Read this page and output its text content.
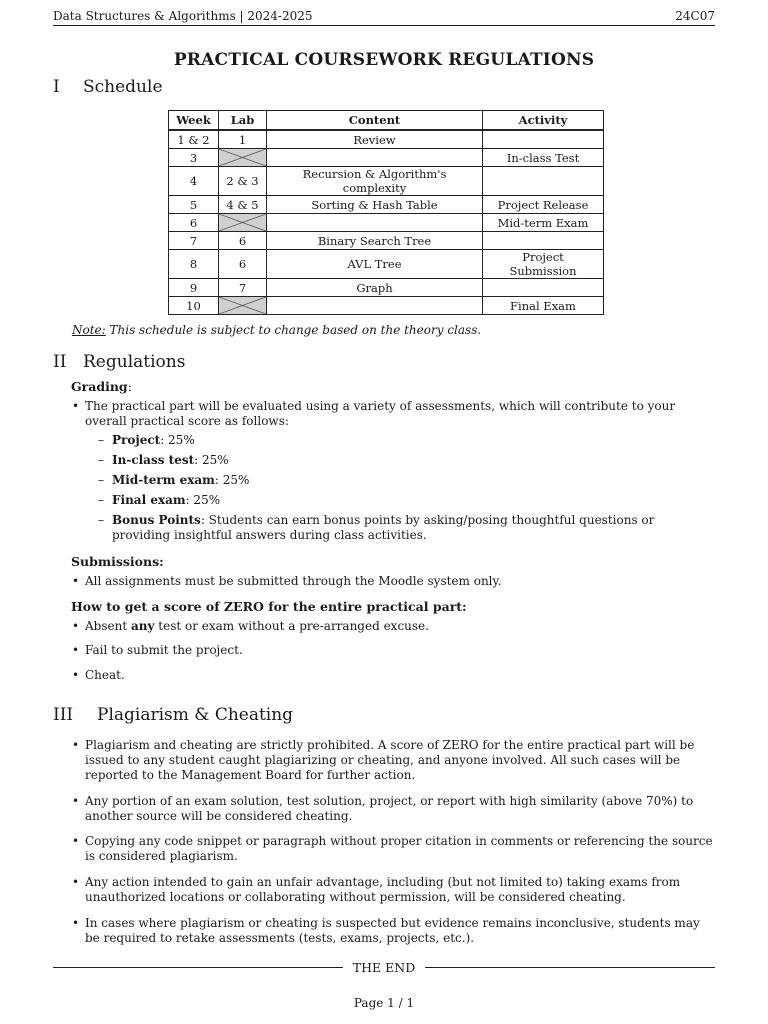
Data Structures & Algorithms | 2024-2025	24C07
PRACTICAL COURSEWORK REGULATIONS
I Schedule
Week	Lab	Content	Activity
1 & 2	1	Review	
3			In-class Test
4	2 & 3	Recursion & Algorithm's complexity	
5	4 & 5	Sorting & Hash Table	Project Release
6			Mid-term Exam
7	6	Binary Search Tree	
8	6	AVL Tree	Project Submission
9	7	Graph	
10			Final Exam
Note: This schedule is subject to change based on the theory class.
II Regulations
Grading:
• The practical part will be evaluated using a variety of assessments, which will contribute to your overall practical score as follows:
– Project: 25%
– In-class test: 25%
– Mid-term exam: 25%
– Final exam: 25%
– Bonus Points: Students can earn bonus points by asking/posing thoughtful questions or providing insightful answers during class activities.
Submissions:
• All assignments must be submitted through the Moodle system only.
How to get a score of ZERO for the entire practical part:
• Absent any test or exam without a pre-arranged excuse.
• Fail to submit the project.
• Cheat.
III Plagiarism & Cheating
• Plagiarism and cheating are strictly prohibited. A score of ZERO for the entire practical part will be issued to any student caught plagiarizing or cheating, and anyone involved. All such cases will be reported to the Management Board for further action.
• Any portion of an exam solution, test solution, project, or report with high similarity (above 70%) to another source will be considered cheating.
• Copying any code snippet or paragraph without proper citation in comments or referencing the source is considered plagiarism.
• Any action intended to gain an unfair advantage, including (but not limited to) taking exams from unauthorized locations or collaborating without permission, will be considered cheating.
• In cases where plagiarism or cheating is suspected but evidence remains inconclusive, students may be required to retake assessments (tests, exams, projects, etc.).
THE END
Page 1 / 1
